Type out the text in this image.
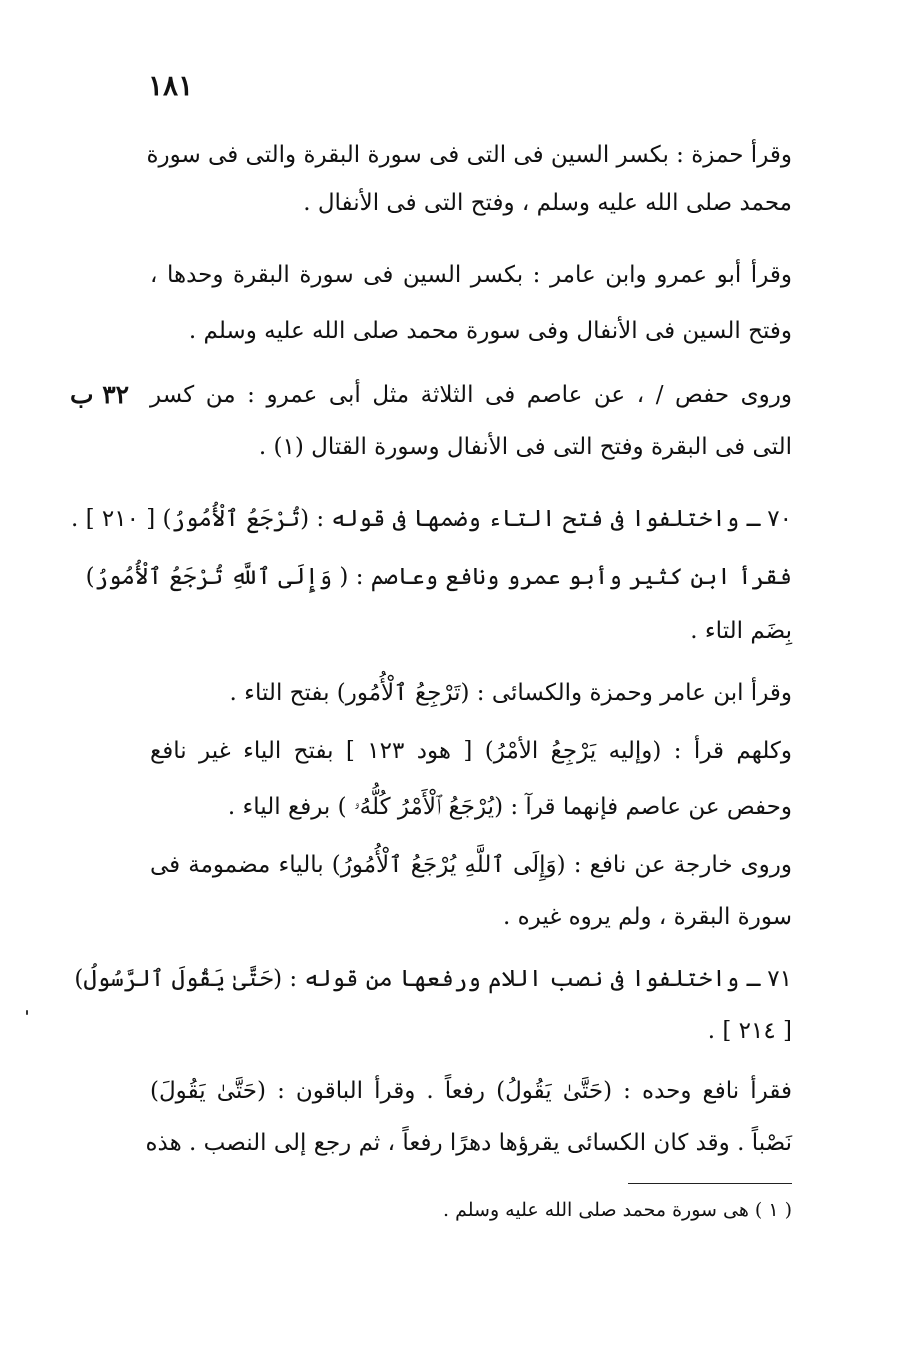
١٨١
٣٢ ب
وقرأ حمزة : بكسر السين فى التى فى سورة البقرة والتى فى سورة
محمد صلى الله عليه وسلم ، وفتح التى فى الأنفال .
وقرأ أبو عمرو وابن عامر : بكسر السين فى سورة البقرة وحدها ،
وفتح السين فى الأنفال وفى سورة محمد صلى الله عليه وسلم .
وروى حفص / ، عن عاصم فى الثلاثة مثل أبى عمرو : من كسر
التى فى البقرة وفتح التى فى الأنفال وسورة القتال (١) .
٧٠ ـ واختلفوا فى فتح التاء وضمها فى قوله : (تُرْجَعُ ٱلْأُمُورُ) [ ٢١٠ ] .
فقرأ ابن كثير وأبو عمرو ونافع وعاصم : ( وَإِلَى ٱللَّهِ تُرْجَعُ ٱلْأُمُورُ)
بِضَم التاء .
وقرأ ابن عامر وحمزة والكسائى : (تَرْجِعُ ٱلْأُمُور) بفتح التاء .
وكلهم قرأ : (وإليه يَرْجِعُ الأمْرُ) [ هود ١٢٣ ] بفتح الياء غير نافع
وحفص عن عاصم فإنهما قرآ : (يُرْجَعُ ٱلْأَمْرُ كُلُّهُۥ ) برفع الياء .
وروى خارجة عن نافع : (وَإِلَى ٱللَّهِ يُرْجَعُ ٱلْأُمُورُ) بالياء مضمومة فى
سورة البقرة ، ولم يروه غيره .
٧١ ـ واختلفوا فى نصب اللام ورفعها من قوله : (حَتَّىٰ يَقُولَ ٱلرَّسُولُ)
[ ٢١٤ ] .
فقرأ نافع وحده : (حَتَّىٰ يَقُولُ) رفعاً . وقرأ الباقون : (حَتَّىٰ يَقُولَ)
نَصْباً . وقد كان الكسائى يقرؤها دهرًا رفعاً ، ثم رجع إلى النصب . هذه
( ١ ) هى سورة محمد صلى الله عليه وسلم .
